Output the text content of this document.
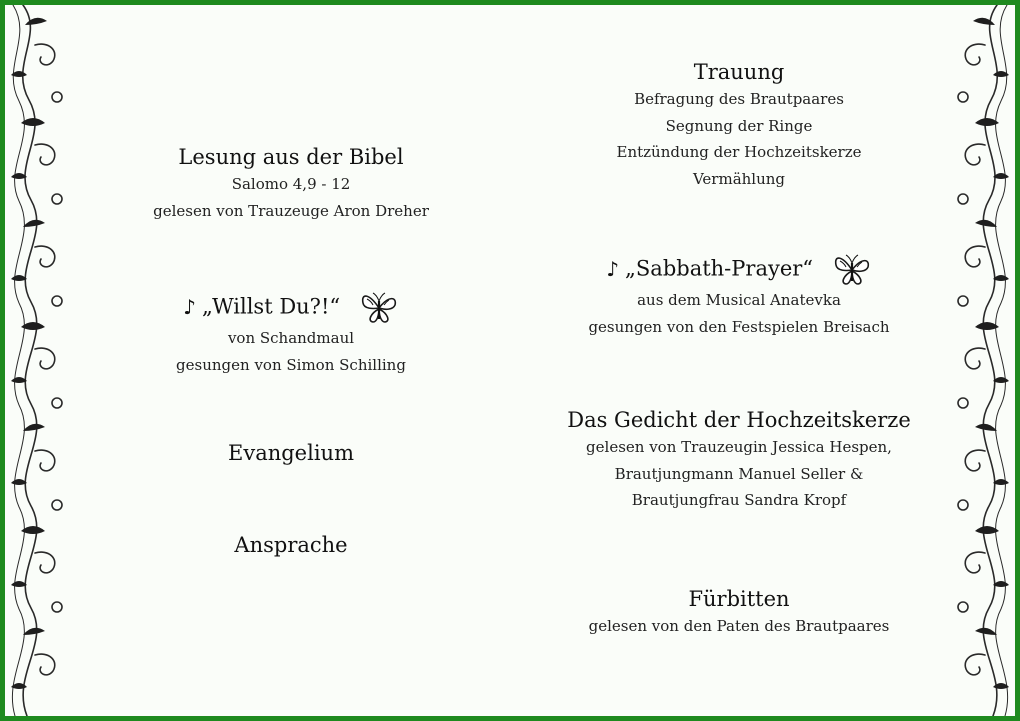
Lesung aus der Bibel
Salomo 4,9 - 12
gelesen von Trauzeuge Aron Dreher
♪ „Willst Du?!“
von Schandmaul
gesungen von Simon Schilling
Evangelium
Ansprache
Trauung
Befragung des Brautpaares
Segnung der Ringe
Entzündung der Hochzeitskerze
Vermählung
♪ „Sabbath-Prayer“
aus dem Musical Anatevka
gesungen von den Festspielen Breisach
Das Gedicht der Hochzeitskerze
gelesen von Trauzeugin Jessica Hespen,
Brautjungmann Manuel Seller &
Brautjungfrau Sandra Kropf
Fürbitten
gelesen von den Paten des Brautpaares
